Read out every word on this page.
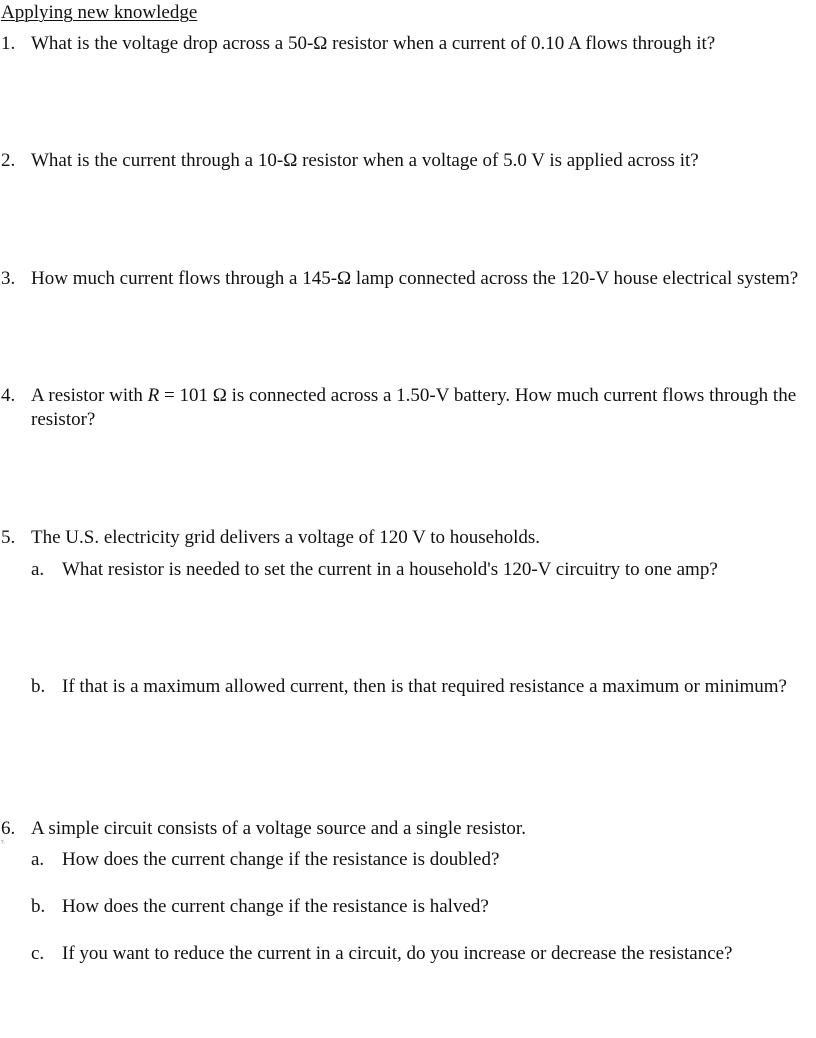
Applying new knowledge
1. What is the voltage drop across a 50-Ω resistor when a current of 0.10 A flows through it?
2. What is the current through a 10-Ω resistor when a voltage of 5.0 V is applied across it?
3. How much current flows through a 145-Ω lamp connected across the 120-V house electrical system?
4. A resistor with R = 101 Ω is connected across a 1.50-V battery. How much current flows through the resistor?
5. The U.S. electricity grid delivers a voltage of 120 V to households.
a. What resistor is needed to set the current in a household's 120-V circuitry to one amp?
b. If that is a maximum allowed current, then is that required resistance a maximum or minimum?
6. A simple circuit consists of a voltage source and a single resistor.
7.
a. How does the current change if the resistance is doubled?
b. How does the current change if the resistance is halved?
c. If you want to reduce the current in a circuit, do you increase or decrease the resistance?
